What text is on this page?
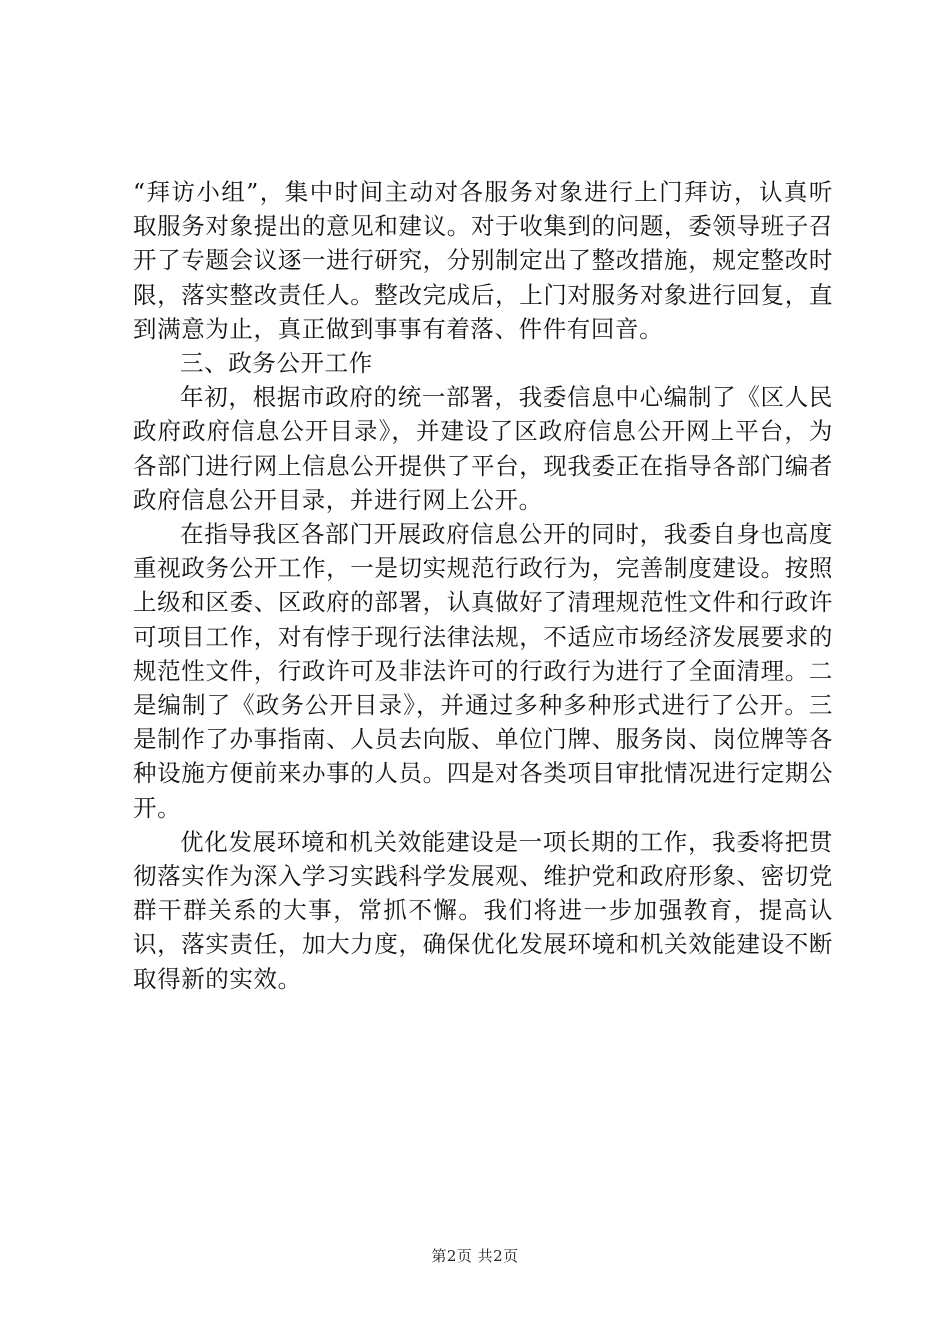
“拜访小组”，集中时间主动对各服务对象进行上门拜访，认真听取服务对象提出的意见和建议。对于收集到的问题，委领导班子召开了专题会议逐一进行研究，分别制定出了整改措施，规定整改时限，落实整改责任人。整改完成后，上门对服务对象进行回复，直到满意为止，真正做到事事有着落、件件有回音。

三、政务公开工作

年初，根据市政府的统一部署，我委信息中心编制了《区人民政府政府信息公开目录》，并建设了区政府信息公开网上平台，为各部门进行网上信息公开提供了平台，现我委正在指导各部门编者政府信息公开目录，并进行网上公开。

在指导我区各部门开展政府信息公开的同时，我委自身也高度重视政务公开工作，一是切实规范行政行为，完善制度建设。按照上级和区委、区政府的部署，认真做好了清理规范性文件和行政许可项目工作，对有悖于现行法律法规，不适应市场经济发展要求的规范性文件，行政许可及非法许可的行政行为进行了全面清理。二是编制了《政务公开目录》，并通过多种多种形式进行了公开。三是制作了办事指南、人员去向版、单位门牌、服务岗、岗位牌等各种设施方便前来办事的人员。四是对各类项目审批情况进行定期公开。

优化发展环境和机关效能建设是一项长期的工作，我委将把贯彻落实作为深入学习实践科学发展观、维护党和政府形象、密切党群干群关系的大事，常抓不懈。我们将进一步加强教育，提高认识，落实责任，加大力度，确保优化发展环境和机关效能建设不断取得新的实效。

第2页 共2页
